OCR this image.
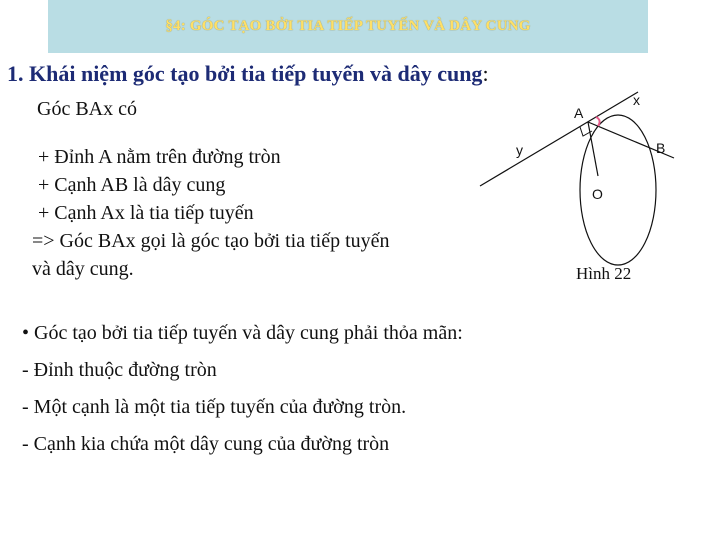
§4: GÓC TẠO BỞI TIA TIẾP TUYẾN VÀ DÂY CUNG
1. Khái niệm góc tạo bởi tia tiếp tuyến và dây cung:
Góc BAx có
+ Đỉnh A nằm trên đường tròn
+ Cạnh AB là dây cung
+ Cạnh Ax là tia tiếp tuyến
=> Góc BAx gọi là góc tạo bởi tia tiếp tuyến
và dây cung.
• Góc tạo bởi tia tiếp tuyến và dây cung phải thỏa mãn:
- Đỉnh thuộc đường tròn
- Một cạnh là một tia tiếp tuyến của đường tròn.
- Cạnh kia chứa một dây cung của đường tròn
x
y
A
B
O
Hình 22
